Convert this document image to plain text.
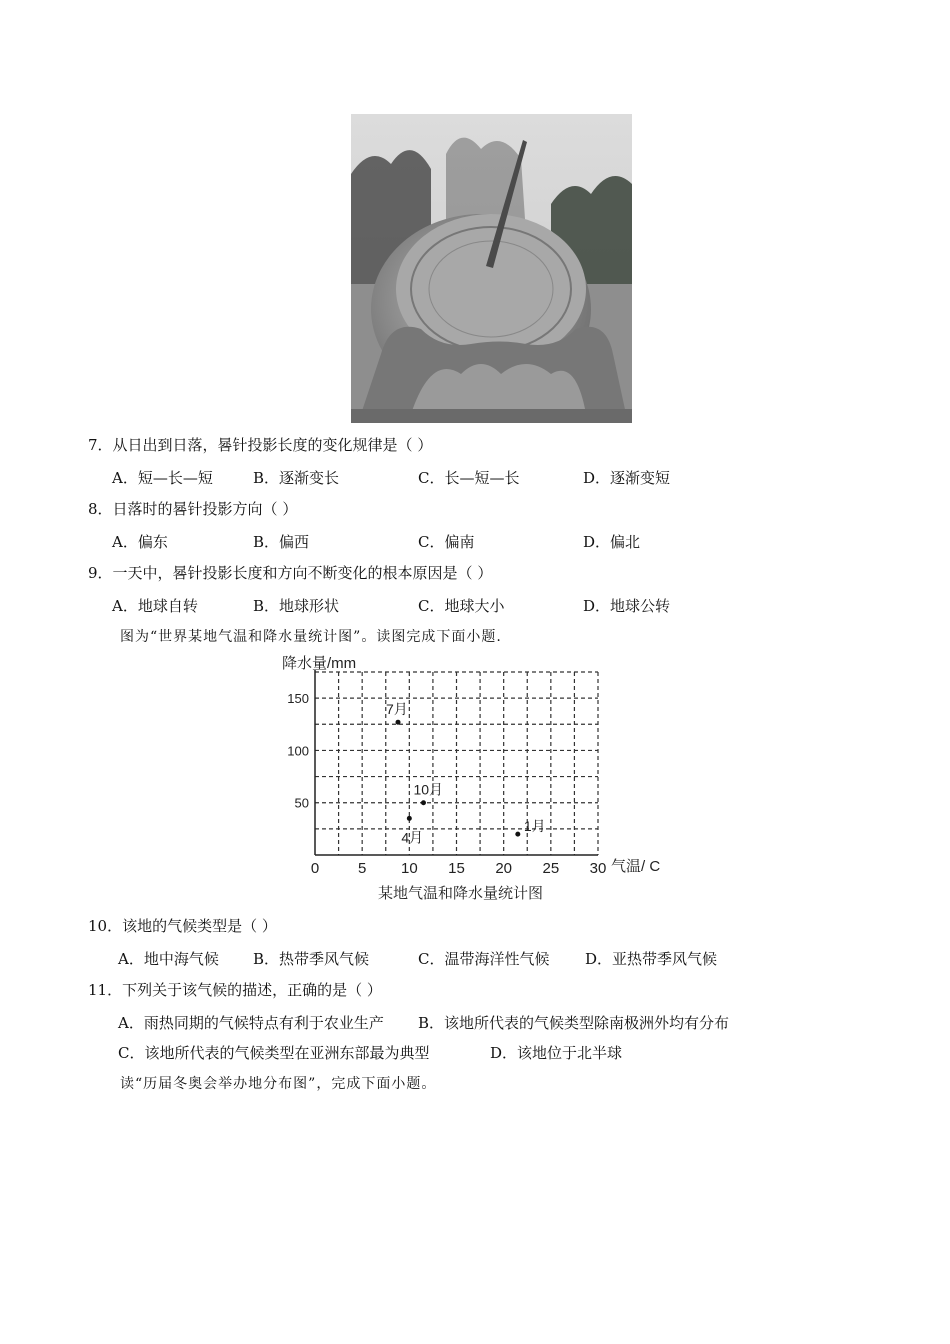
7．从日出到日落，晷针投影长度的变化规律是（ ）
A．短—长—短	B．逐渐变长	C．长—短—长	D．逐渐变短
8．日落时的晷针投影方向（ ）
A．偏东	B．偏西	C．偏南	D．偏北
9．一天中，晷针投影长度和方向不断变化的根本原因是（ ）
A．地球自转	B．地球形状	C．地球大小	D．地球公转
图为“世界某地气温和降水量统计图”。读图完成下面小题.
降水量/mm
气温/ C
某地气温和降水量统计图
0	5 10 15 20 25 30
50
100
150
7月
10月
4月
1月
10．该地的气候类型是（ ）
A．地中海气候 B．热带季风气候	C．温带海洋性气候 D．亚热带季风气候
11．下列关于该气候的描述，正确的是（ ）
A．雨热同期的气候特点有利于农业生产 B．该地所代表的气候类型除南极洲外均有分布
C．该地所代表的气候类型在亚洲东部最为典型	D．该地位于北半球
读“历届冬奥会举办地分布图”，完成下面小题。
